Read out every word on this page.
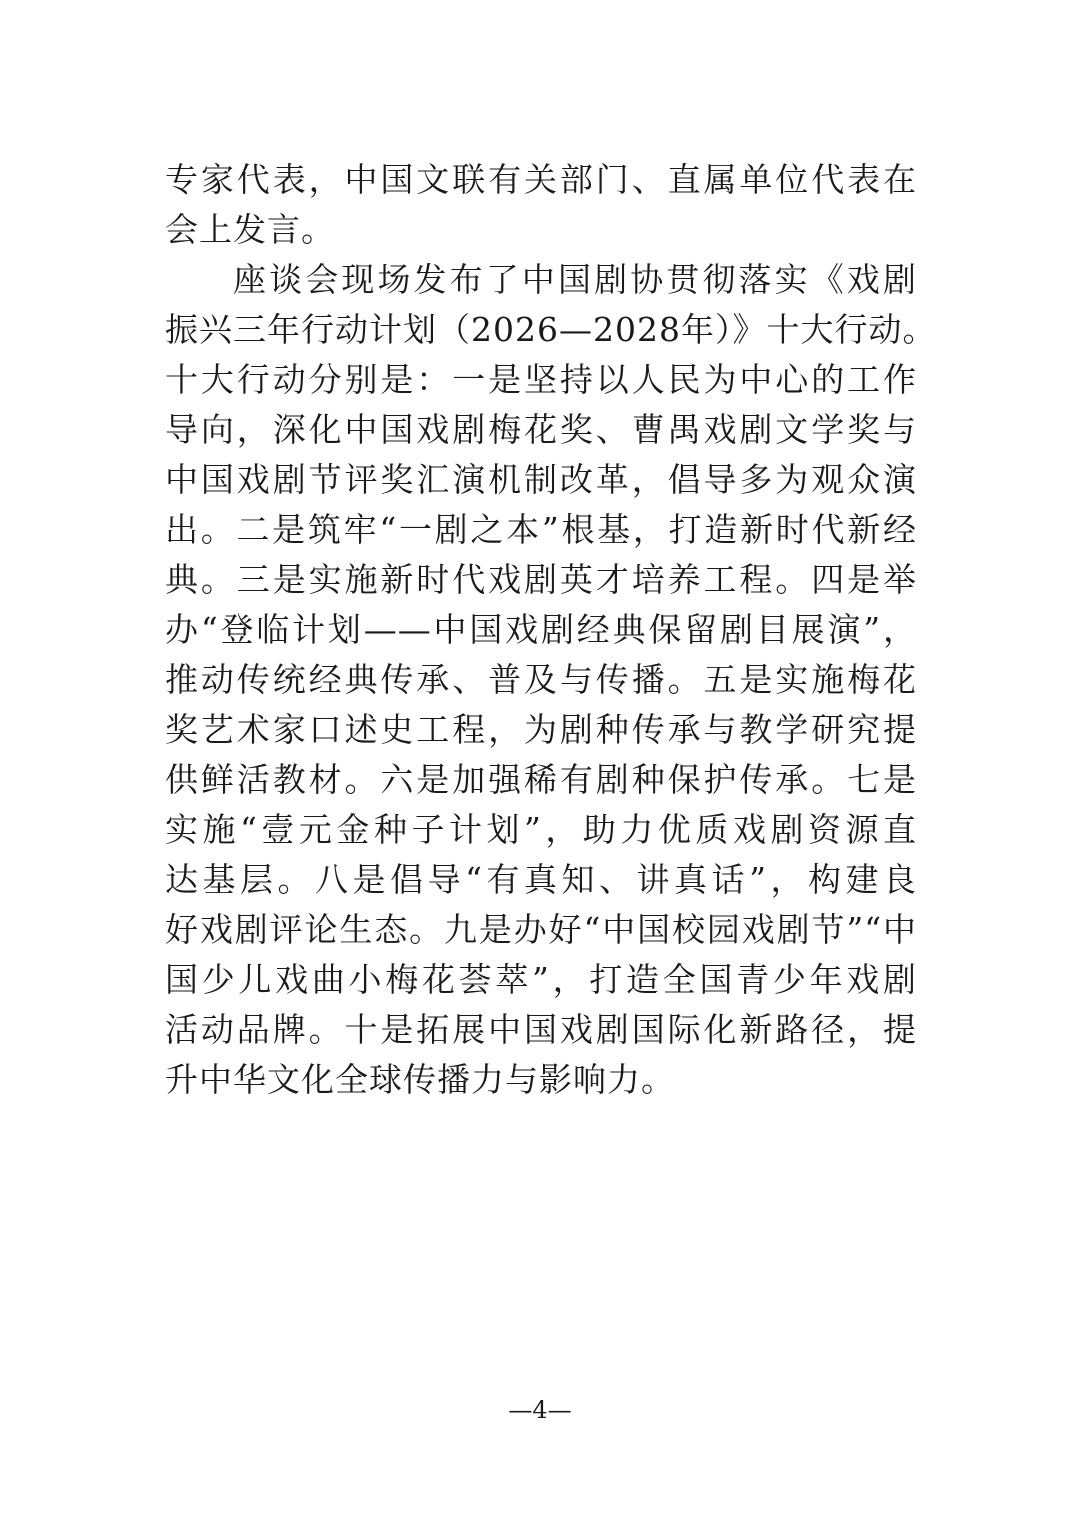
专家代表，中国文联有关部门、直属单位代表在
会上发言。
座谈会现场发布了中国剧协贯彻落实《戏剧
振兴三年行动计划（2026—2028年）》十大行动。
十大行动分别是：一是坚持以人民为中心的工作
导向，深化中国戏剧梅花奖、曹禺戏剧文学奖与
中国戏剧节评奖汇演机制改革，倡导多为观众演
出。二是筑牢“一剧之本”根基，打造新时代新经
典。三是实施新时代戏剧英才培养工程。四是举
办“登临计划——中国戏剧经典保留剧目展演”，
推动传统经典传承、普及与传播。五是实施梅花
奖艺术家口述史工程，为剧种传承与教学研究提
供鲜活教材。六是加强稀有剧种保护传承。七是
实施“壹元金种子计划”，助力优质戏剧资源直
达基层。八是倡导“有真知、讲真话”，构建良
好戏剧评论生态。九是办好“中国校园戏剧节”“中
国少儿戏曲小梅花荟萃”，打造全国青少年戏剧
活动品牌。十是拓展中国戏剧国际化新路径，提
升中华文化全球传播力与影响力。
—4—
